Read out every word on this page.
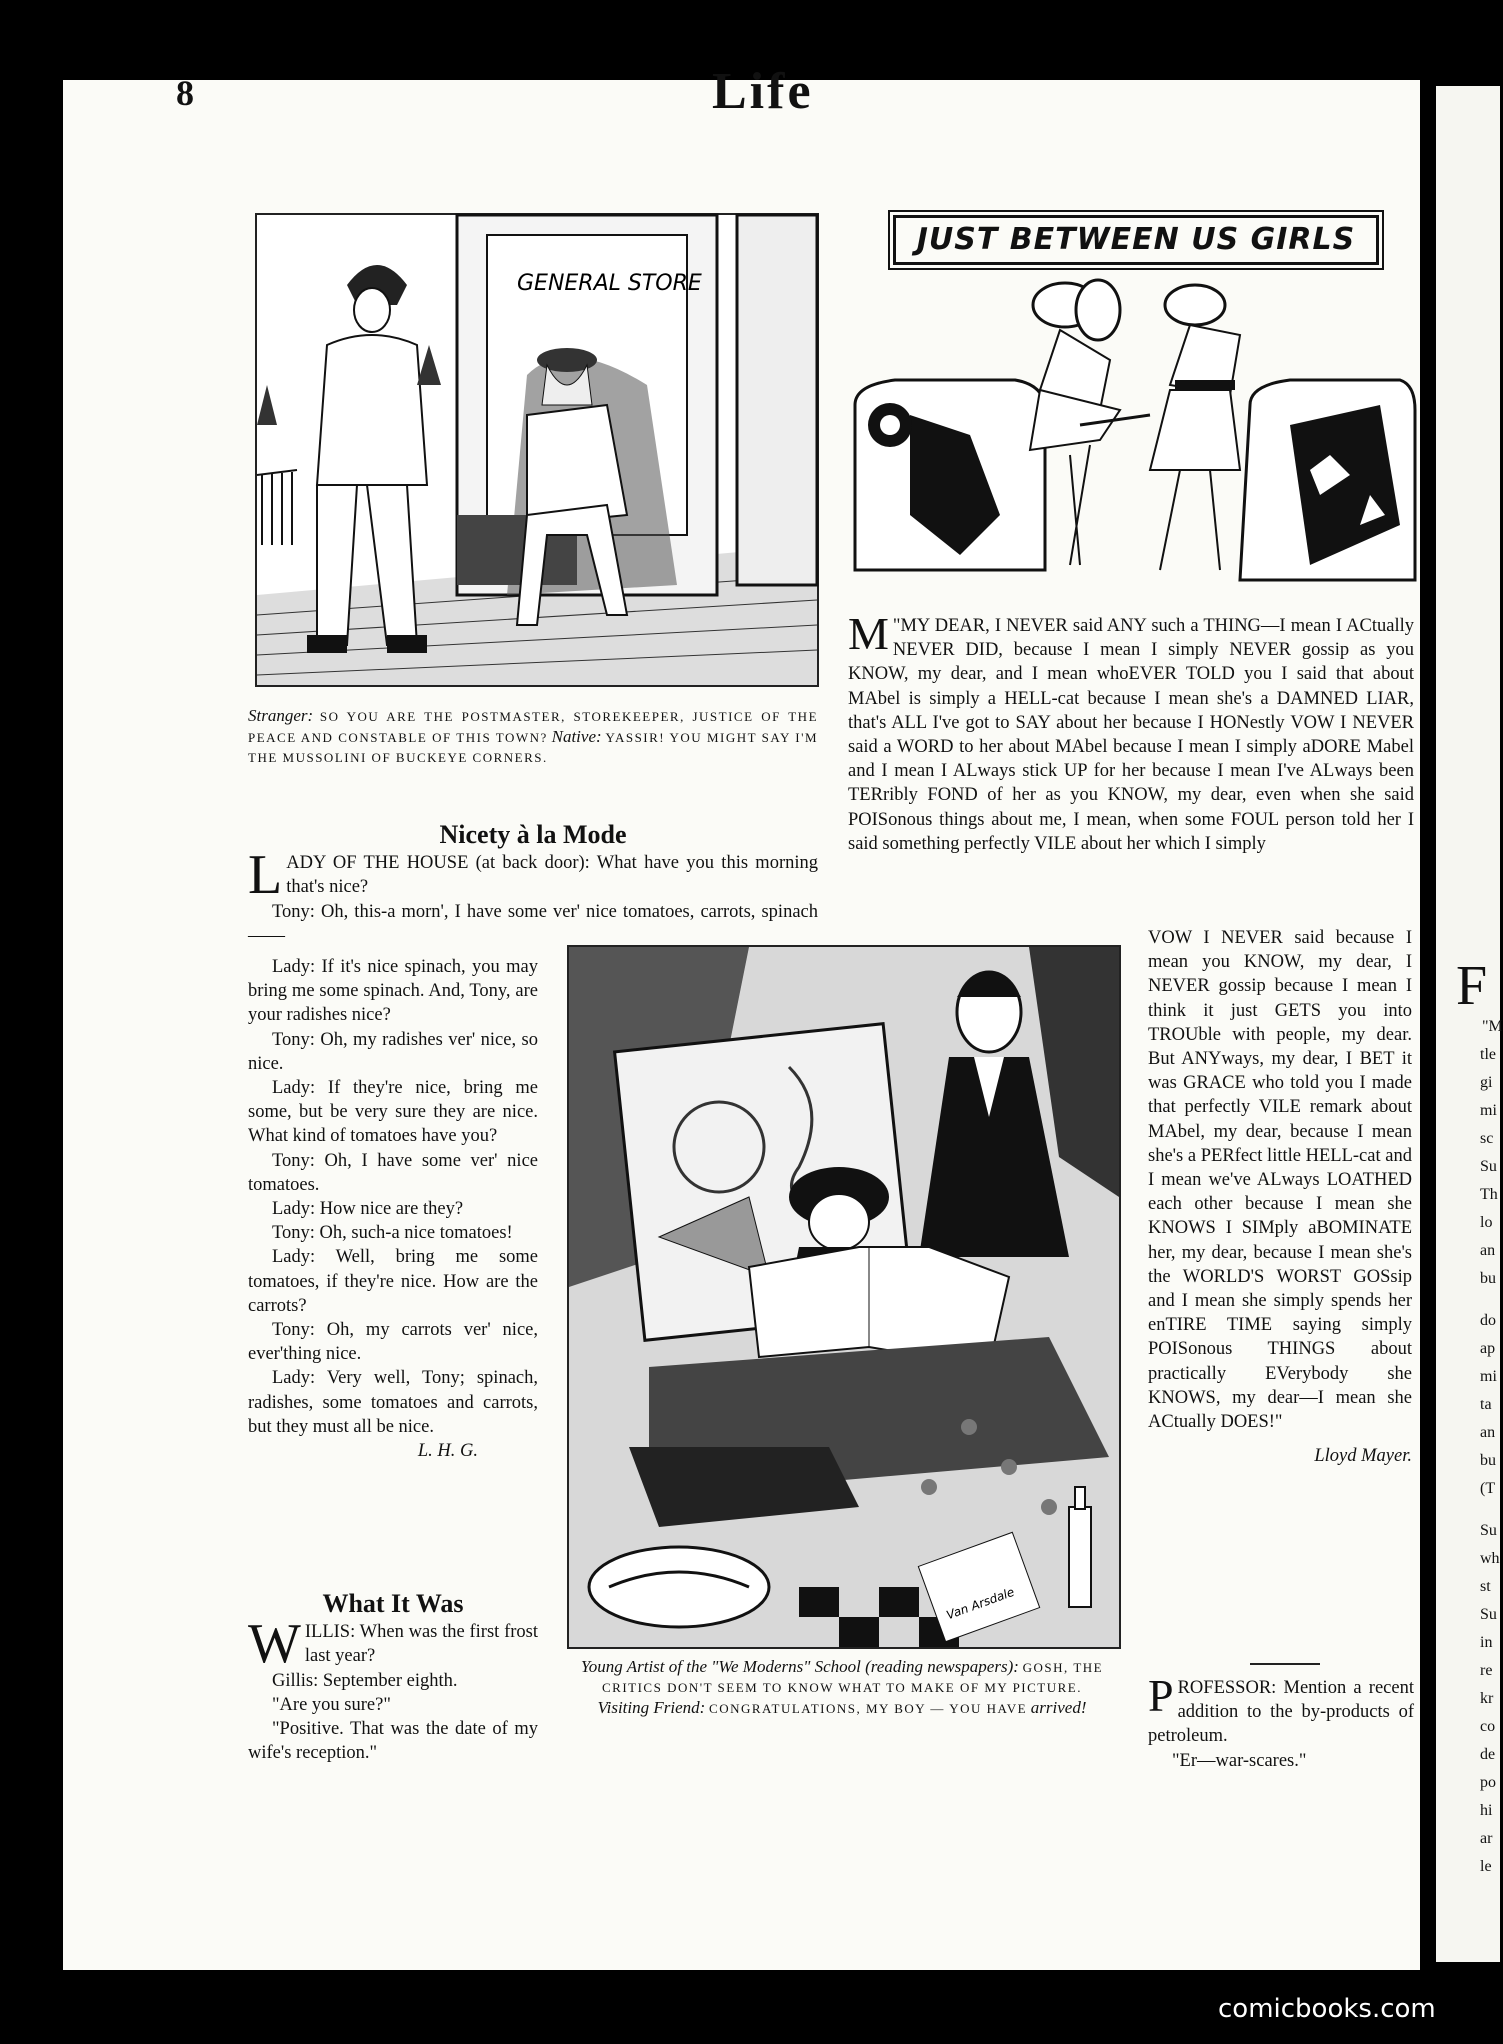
F
"M
tle
gi
mi
sc
Su
Th
lo
an
bu
do
ap
mi
ta
an
bu
(T
Su
wh
st
Su
in
re
kr
co
de
po
hi
ar
le
8	Life
GENERAL STORE
Stranger: SO YOU ARE THE POSTMASTER, STOREKEEPER, JUSTICE OF THE PEACE AND CONSTABLE OF THIS TOWN? Native: YASSIR! YOU MIGHT SAY I'M THE MUSSOLINI OF BUCKEYE CORNERS.
Nicety à la Mode
L ADY OF THE HOUSE (at back door): What have you this morning that's nice?

Tony: Oh, this-a morn', I have some ver' nice tomatoes, carrots, spinach——

Lady: If it's nice spinach, you may bring me some spinach. And, Tony, are your radishes nice?

Tony: Oh, my radishes ver' nice, so nice.

Lady: If they're nice, bring me some, but be very sure they are nice. What kind of tomatoes have you?

Tony: Oh, I have some ver' nice tomatoes.

Lady: How nice are they?

Tony: Oh, such-a nice tomatoes!

Lady: Well, bring me some tomatoes, if they're nice. How are the carrots?

Tony: Oh, my carrots ver' nice, ever'thing nice.

Lady: Very well, Tony; spinach, radishes, some tomatoes and carrots, but they must all be nice.

L. H. G.
What It Was
W ILLIS: When was the first frost last year?

Gillis: September eighth.

"Are you sure?"

"Positive. That was the date of my wife's reception."

JUST BETWEEN US GIRLS
M "MY DEAR, I NEVER said ANY such a THING—I mean I ACtually NEVER DID, because I mean I simply NEVER gossip as you KNOW, my dear, and I mean whoEVER TOLD you I said that about MAbel is simply a HELL-cat because I mean she's a DAMNED LIAR, that's ALL I've got to SAY about her because I HONestly VOW I NEVER said a WORD to her about MAbel because I mean I simply aDORE Mabel and I mean I ALways stick UP for her because I mean I've ALways been TERribly FOND of her as you KNOW, my dear, even when she said POISonous things about me, I mean, when some FOUL person told her I said something perfectly VILE about her which I simply
VOW I NEVER said because I mean you KNOW, my dear, I NEVER gossip because I mean I think it just GETS you into TROUble with people, my dear. But ANYways, my dear, I BET it was GRACE who told you I made that perfectly VILE remark about MAbel, my dear, because I mean she's a PERfect little HELL-cat and I mean we've ALways LOATHED each other because I mean she KNOWS I SIMply aBOMINATE her, my dear, because I mean she's the WORLD'S WORST GOSsip and I mean she simply spends her enTIRE TIME saying simply POISonous THINGS about practically EVerybody she KNOWS, my dear—I mean she ACtually DOES!"
Lloyd Mayer.
Van Arsdale
Young Artist of the "We Moderns" School (reading newspapers): GOSH, THE CRITICS DON'T SEEM TO KNOW WHAT TO MAKE OF MY PICTURE.
Visiting Friend: CONGRATULATIONS, MY BOY — YOU HAVE arrived!	P ROFESSOR: Mention a recent addition to the by-products of petroleum.

"Er—war-scares."

comicbooks.com
